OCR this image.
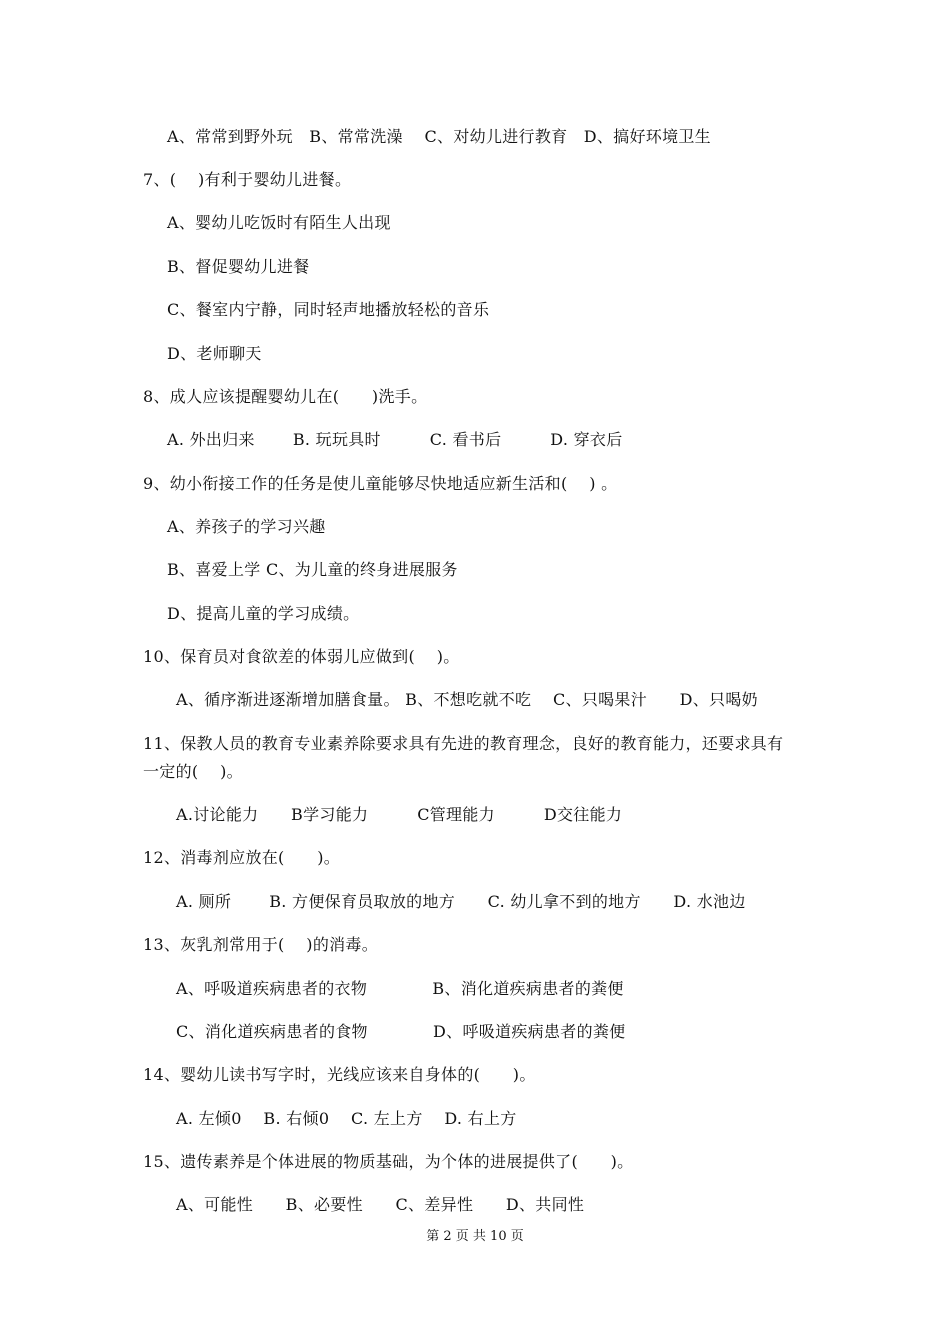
A、常常到野外玩　B、常常洗澡　 C、对幼儿进行教育　D、搞好环境卫生
7、(　 )有利于婴幼儿进餐。
A、婴幼儿吃饭时有陌生人出现
B、督促婴幼儿进餐
C、餐室内宁静，同时轻声地播放轻松的音乐
D、老师聊天
8、成人应该提醒婴幼儿在(　　)洗手。
A. 外出归来　　 B. 玩玩具时　　　C. 看书后　　　D. 穿衣后
9、幼小衔接工作的任务是使儿童能够尽快地适应新生活和(　 ) 。
A、养孩子的学习兴趣
B、喜爱上学 C、为儿童的终身进展服务
D、提高儿童的学习成绩。
10、保育员对食欲差的体弱儿应做到(　 )。
A、循序渐进逐渐增加膳食量。 B、不想吃就不吃　 C、只喝果汁　　D、只喝奶
11、保教人员的教育专业素养除要求具有先进的教育理念，良好的教育能力，还要求具有
一定的(　 )。
A.讨论能力　　B学习能力　　　C管理能力　　　D交往能力
12、消毒剂应放在(　　)。
A. 厕所　　 B. 方便保育员取放的地方　　C. 幼儿拿不到的地方　　D. 水池边
13、灰乳剂常用于(　 )的消毒。
A、呼吸道疾病患者的衣物　　　　B、消化道疾病患者的粪便
C、消化道疾病患者的食物　　　　D、呼吸道疾病患者的粪便
14、婴幼儿读书写字时，光线应该来自身体的(　　)。
A. 左倾0　 B. 右倾0　 C. 左上方　 D. 右上方
15、遗传素养是个体进展的物质基础，为个体的进展提供了(　　)。
A、可能性　　B、必要性　　C、差异性　　D、共同性
第 2 页 共 10 页
